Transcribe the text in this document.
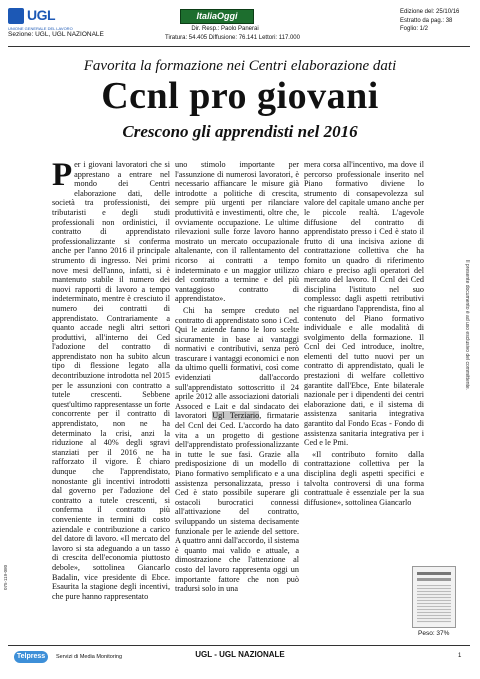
UGL
UNIONE GENERALE DEL LAVORO
Sezione: UGL, UGL NAZIONALE
ItaliaOggi
Dir. Resp.: Paolo Panerai
Tiratura: 54.405 Diffusione: 76.141 Lettori: 117.000
Edizione del: 25/10/16
Estratto da pag.: 38
Foglio: 1/2
Favorita la formazione nei Centri elaborazione dati
Ccnl pro giovani
Crescono gli apprendisti nel 2016

Per i giovani lavoratori che si apprestano a entrare nel mondo dei Centri elaborazione dati, delle società tra professionisti, dei tributaristi e degli studi professionali non ordinistici, il contratto di apprendistato professionalizzante si conferma anche per l'anno 2016 il principale strumento di ingresso. Nei primi nove mesi dell'anno, infatti, si è mantenuto stabile il numero dei nuovi rapporti di lavoro a tempo indeterminato, mentre è cresciuto il numero dei contratti di apprendistato. Contrariamente a quanto accade negli altri settori produttivi, all'interno dei Ced l'adozione del contratto di apprendistato non ha subito alcun tipo di flessione legato alla decontribuzione introdotta nel 2015 per le assunzioni con contratto a tutele crescenti. Sebbene quest'ultimo rappresentasse un forte concorrente per il contratto di apprendistato, non ne ha determinato la crisi, anzi la riduzione al 40% degli sgravi stanziati per il 2016 ne ha rafforzato il vigore. È chiaro dunque che l'apprendistato, nonostante gli incentivi introdotti dal governo per l'adozione del contratto a tutele crescenti, si conferma il contratto più conveniente in termini di costo aziendale e contribuzione a carico del datore di lavoro. «Il mercato del lavoro si sta adeguando a un tasso di crescita dell'economia piuttosto debole», sottolinea Giancarlo Badalin, vice presidente di Ebce. Esaurita la stagione degli incentivi, che pure hanno rappresentato

uno stimolo importante per l'assunzione di numerosi lavoratori, è necessario affiancare le misure già introdotte a politiche di crescita, sempre più urgenti per rilanciare produttività e investimenti, oltre che, ovviamente occupazione. Le ultime rilevazioni sulle forze lavoro hanno mostrato un mercato occupazionale altalenante, con il rallentamento del ricorso ai contratti a tempo indeterminato e un maggior utilizzo del contratto a termine e del più vantaggioso contratto di apprendistato».

Chi ha sempre creduto nel contratto di apprendistato sono i Ced. Qui le aziende fanno le loro scelte sicuramente in base ai vantaggi normativi e contributivi, senza però trascurare i vantaggi economici e non da ultimo quelli formativi, così come evidenziati dall'accordo sull'apprendistato sottoscritto il 24 aprile 2012 alle associazioni datoriali Assoced e Lait e dal sindacato dei lavoratori Ugl Terziario, firmatarie del Ccnl dei Ced. L'accordo ha dato vita a un progetto di gestione dell'apprendistato professionalizzante in tutte le sue fasi. Grazie alla predisposizione di un modello di Piano formativo semplificato e a una assistenza personalizzata, presso i Ced è stato possibile superare gli ostacoli burocratici connessi all'attivazione del contratto, sviluppando un sistema decisamente funzionale per le aziende del settore. A quattro anni dall'accordo, il sistema è quanto mai valido e attuale, a dimostrazione che l'attenzione al costo del lavoro rappresenta oggi un importante fattore che non può tradursi solo in una

mera corsa all'incentivo, ma dove il percorso professionale inserito nel Piano formativo diviene lo strumento di consapevolezza sul valore del capitale umano anche per le piccole realtà. L'agevole diffusione del contratto di apprendistato presso i Ced è stato il frutto di una incisiva azione di contrattazione collettiva che ha fornito un quadro di riferimento chiaro e preciso agli operatori del mercato del lavoro. Il Ccnl dei Ced disciplina l'istituto nel suo complesso: dagli aspetti retributivi che riguardano l'apprendista, fino al contenuto del Piano formativo individuale e alle modalità di svolgimento della formazione. Il Ccnl dei Ced introduce, inoltre, elementi del tutto nuovi per un contratto di apprendistato, quali le prestazioni di welfare collettivo garantite dall'Ebce, Ente bilaterale nazionale per i dipendenti dei centri elaborazione dati, e il sistema di assistenza sanitaria integrativa garantito dal Fondo Ecas - Fondo di assistenza sanitaria integrativa per i Ced e le Pmi.

«Il contributo fornito dalla contrattazione collettiva per la disciplina degli aspetti specifici e talvolta controversi di una forma contrattuale è essenziale per la sua diffusione», sottolinea Giancarlo

Peso: 37%
075-119-080
Il presente documento è ad uso esclusivo del committente.
Telpress	Servizi di Media Monitoring	UGL - UGL NAZIONALE	1
